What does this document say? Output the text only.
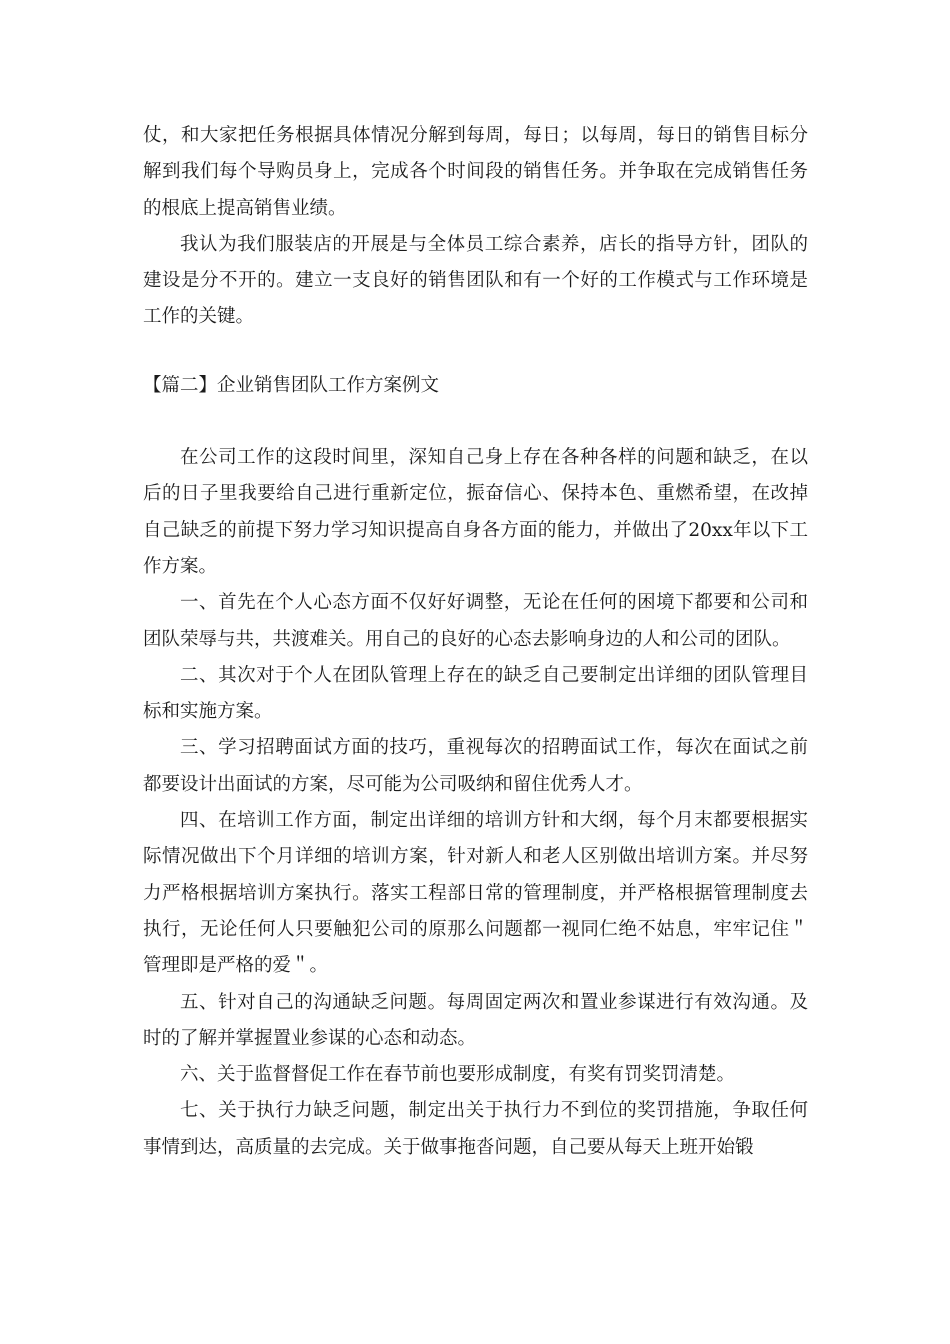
仗，和大家把任务根据具体情况分解到每周，每日；以每周，每日的销售目标分解到我们每个导购员身上，完成各个时间段的销售任务。并争取在完成销售任务的根底上提高销售业绩。

我认为我们服装店的开展是与全体员工综合素养，店长的指导方针，团队的建设是分不开的。建立一支良好的销售团队和有一个好的工作模式与工作环境是工作的关键。

【篇二】企业销售团队工作方案例文

在公司工作的这段时间里，深知自己身上存在各种各样的问题和缺乏，在以后的日子里我要给自己进行重新定位，振奋信心、保持本色、重燃希望，在改掉自己缺乏的前提下努力学习知识提高自身各方面的能力，并做出了20xx年以下工作方案。

一、首先在个人心态方面不仅好好调整，无论在任何的困境下都要和公司和团队荣辱与共，共渡难关。用自己的良好的心态去影响身边的人和公司的团队。

二、其次对于个人在团队管理上存在的缺乏自己要制定出详细的团队管理目标和实施方案。

三、学习招聘面试方面的技巧，重视每次的招聘面试工作，每次在面试之前都要设计出面试的方案，尽可能为公司吸纳和留住优秀人才。

四、在培训工作方面，制定出详细的培训方针和大纲，每个月末都要根据实际情况做出下个月详细的培训方案，针对新人和老人区别做出培训方案。并尽努力严格根据培训方案执行。落实工程部日常的管理制度，并严格根据管理制度去执行，无论任何人只要触犯公司的原那么问题都一视同仁绝不姑息，牢牢记住＂管理即是严格的爱＂。

五、针对自己的沟通缺乏问题。每周固定两次和置业参谋进行有效沟通。及时的了解并掌握置业参谋的心态和动态。

六、关于监督督促工作在春节前也要形成制度，有奖有罚奖罚清楚。

七、关于执行力缺乏问题，制定出关于执行力不到位的奖罚措施，争取任何事情到达，高质量的去完成。关于做事拖沓问题，自己要从每天上班开始锻
